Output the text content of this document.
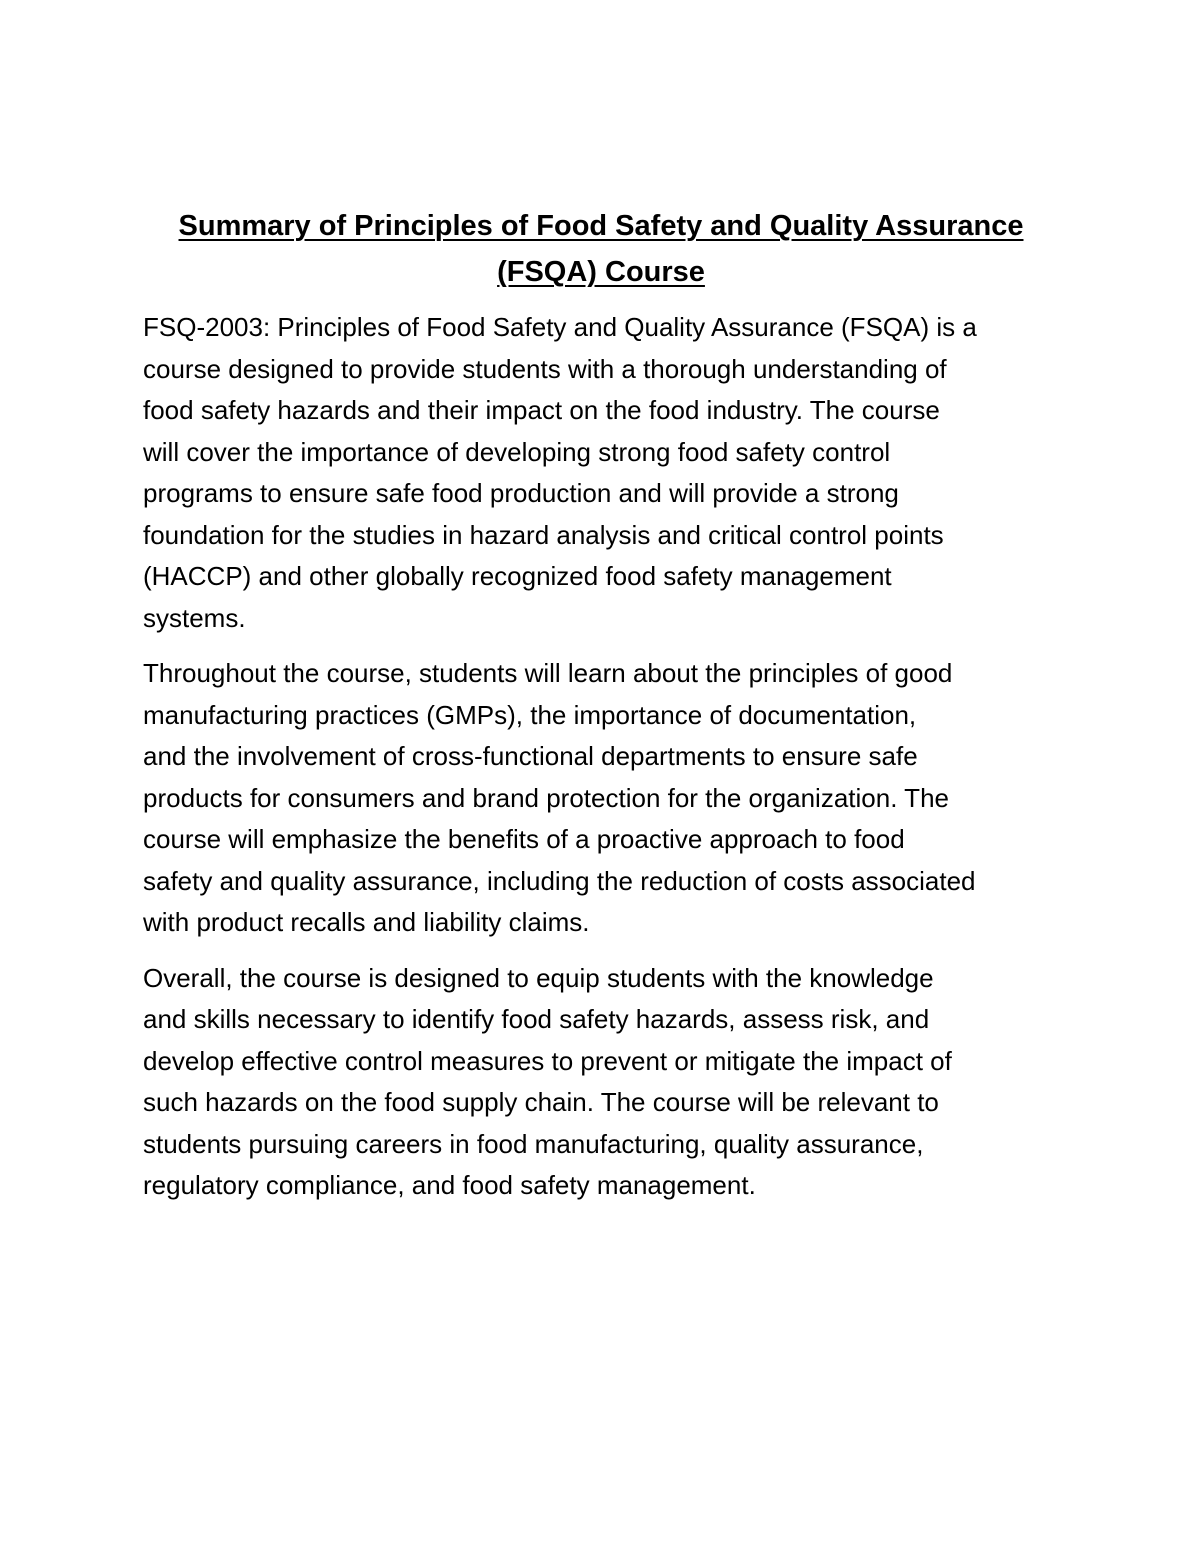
Summary of Principles of Food Safety and Quality Assurance
(FSQA) Course

FSQ-2003: Principles of Food Safety and Quality Assurance (FSQA) is a
course designed to provide students with a thorough understanding of
food safety hazards and their impact on the food industry. The course
will cover the importance of developing strong food safety control
programs to ensure safe food production and will provide a strong
foundation for the studies in hazard analysis and critical control points
(HACCP) and other globally recognized food safety management
systems.

Throughout the course, students will learn about the principles of good
manufacturing practices (GMPs), the importance of documentation,
and the involvement of cross-functional departments to ensure safe
products for consumers and brand protection for the organization. The
course will emphasize the benefits of a proactive approach to food
safety and quality assurance, including the reduction of costs associated
with product recalls and liability claims.

Overall, the course is designed to equip students with the knowledge
and skills necessary to identify food safety hazards, assess risk, and
develop effective control measures to prevent or mitigate the impact of
such hazards on the food supply chain. The course will be relevant to
students pursuing careers in food manufacturing, quality assurance,
regulatory compliance, and food safety management.
